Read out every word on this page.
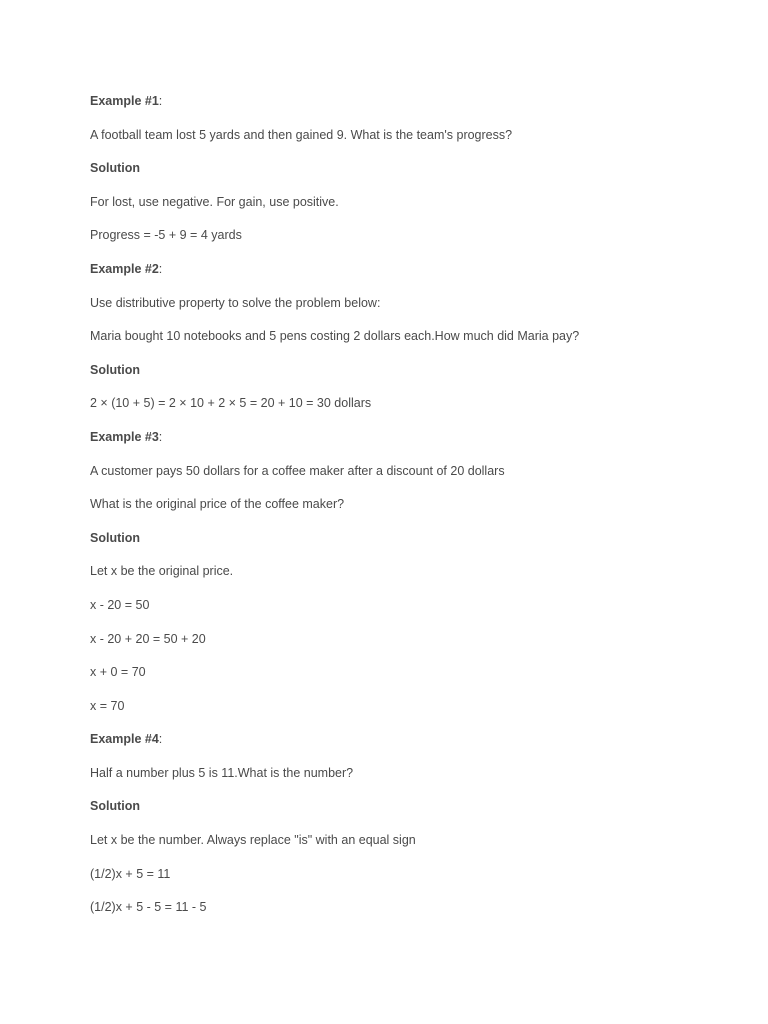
Example #1:
A football team lost 5 yards and then gained 9. What is the team's progress?
Solution
For lost, use negative. For gain, use positive.
Progress = -5 + 9 = 4 yards
Example #2:
Use distributive property to solve the problem below:
Maria bought 10 notebooks and 5 pens costing 2 dollars each.How much did Maria pay?
Solution
2 × (10 + 5) = 2 × 10 + 2 × 5 = 20 + 10 = 30 dollars
Example #3:
A customer pays 50 dollars for a coffee maker after a discount of 20 dollars
What is the original price of the coffee maker?
Solution
Let x be the original price.
x - 20 = 50
x - 20 + 20 = 50 + 20
x + 0 = 70
x = 70
Example #4:
Half a number plus 5 is 11.What is the number?
Solution
Let x be the number. Always replace "is" with an equal sign
(1/2)x + 5 = 11
(1/2)x + 5 - 5 = 11 - 5
